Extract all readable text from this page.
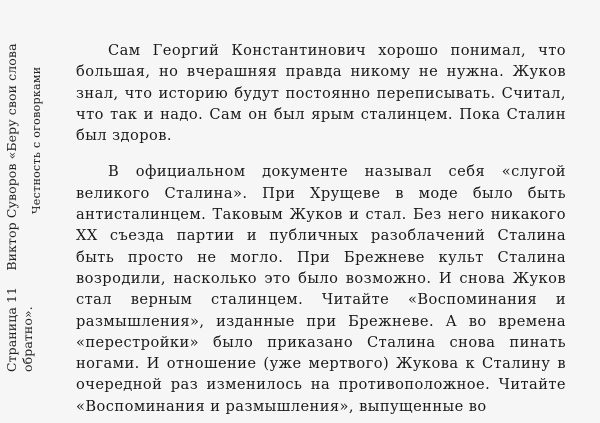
Страница 11    Виктор Суворов «Беру свои слова
обратно».
Честность с оговорками

Сам Георгий Константинович хорошо понимал, что большая, но вчерашняя правда никому не нужна. Жуков знал, что историю будут постоянно переписывать. Считал, что так и надо. Сам он был ярым сталинцем. Пока Сталин был здоров.

В официальном документе называл себя «слугой великого Сталина». При Хрущеве в моде было быть антисталинцем. Таковым Жуков и стал. Без него никакого XX съезда партии и публичных разоблачений Сталина быть просто не могло. При Брежневе культ Сталина возродили, насколько это было возможно. И снова Жуков стал верным сталинцем. Читайте «Воспоминания и размышления», изданные при Брежневе. А во времена «перестройки» было приказано Сталина снова пинать ногами. И отношение (уже мертвого) Жукова к Сталину в очередной раз изменилось на противоположное. Читайте «Воспоминания и размышления», выпущенные во
